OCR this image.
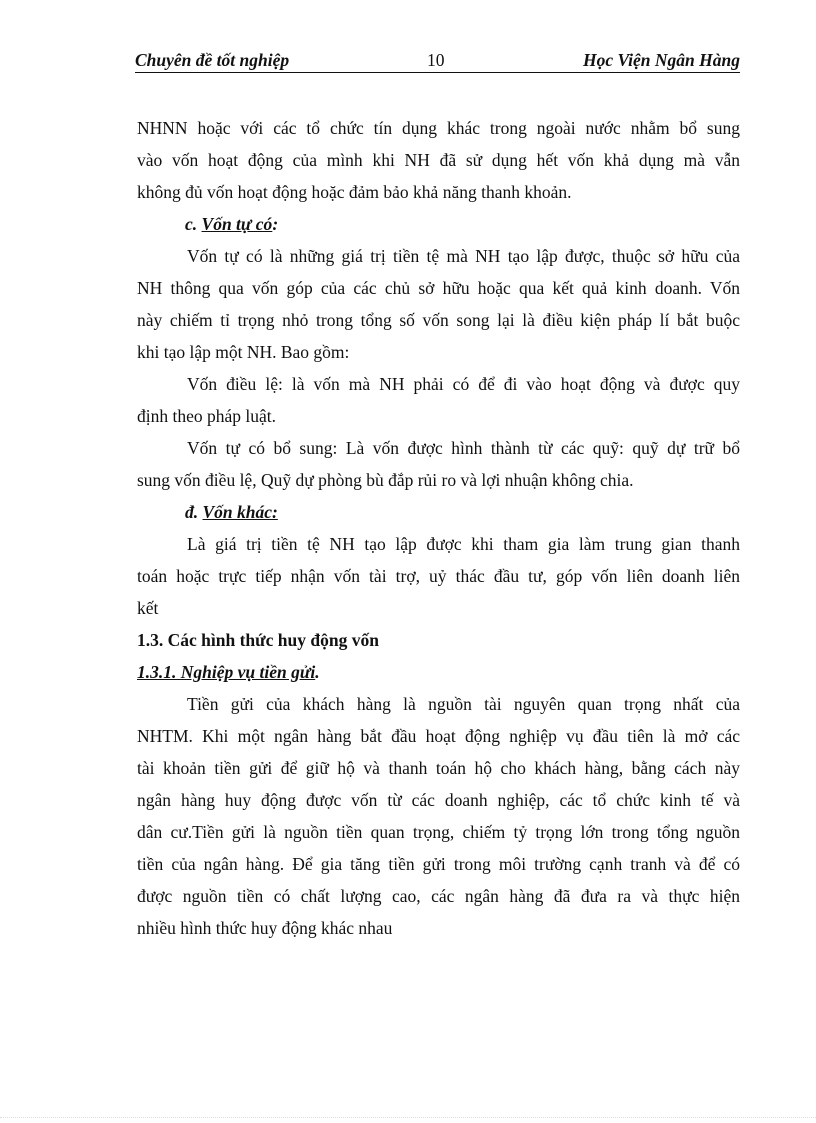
Chuyên đề tốt nghiệp	10	Học Viện Ngân Hàng
NHNN hoặc với các tổ chức tín dụng khác trong ngoài nước nhằm bổ sung
vào vốn hoạt động của mình khi NH đã sử dụng hết vốn khả dụng mà vẫn
không đủ vốn hoạt động hoặc đảm bảo khả năng thanh khoản.
c. Vốn tự có:
Vốn tự có là những giá trị tiền tệ mà NH tạo lập được, thuộc sở hữu của
NH thông qua vốn góp của các chủ sở hữu hoặc qua kết quả kinh doanh. Vốn
này chiếm tỉ trọng nhỏ trong tổng số vốn song lại là điều kiện pháp lí bắt buộc
khi tạo lập một NH. Bao gồm:
Vốn điều lệ: là vốn mà NH phải có để đi vào hoạt động và được quy
định theo pháp luật.
Vốn tự có bổ sung: Là vốn được hình thành từ các quỹ: quỹ dự trữ bổ
sung vốn điều lệ, Quỹ dự phòng bù đắp rủi ro và lợi nhuận không chia.
đ. Vốn khác:
Là giá trị tiền tệ NH tạo lập được khi tham gia làm trung gian thanh
toán hoặc trực tiếp nhận vốn tài trợ, uỷ thác đầu tư, góp vốn liên doanh liên
kết
1.3. Các hình thức huy động vốn
1.3.1. Nghiệp vụ tiền gửi.
Tiền gửi của khách hàng là nguồn tài nguyên quan trọng nhất của
NHTM. Khi một ngân hàng bắt đầu hoạt động nghiệp vụ đầu tiên là mở các
tài khoản tiền gửi để giữ hộ và thanh toán hộ cho khách hàng, bằng cách này
ngân hàng huy động được vốn từ các doanh nghiệp, các tổ chức kinh tế và
dân cư.Tiền gửi là nguồn tiền quan trọng, chiếm tỷ trọng lớn trong tổng nguồn
tiền của ngân hàng. Để gia tăng tiền gửi trong môi trường cạnh tranh và để có
được nguồn tiền có chất lượng cao, các ngân hàng đã đưa ra và thực hiện
nhiều hình thức huy động khác nhau
